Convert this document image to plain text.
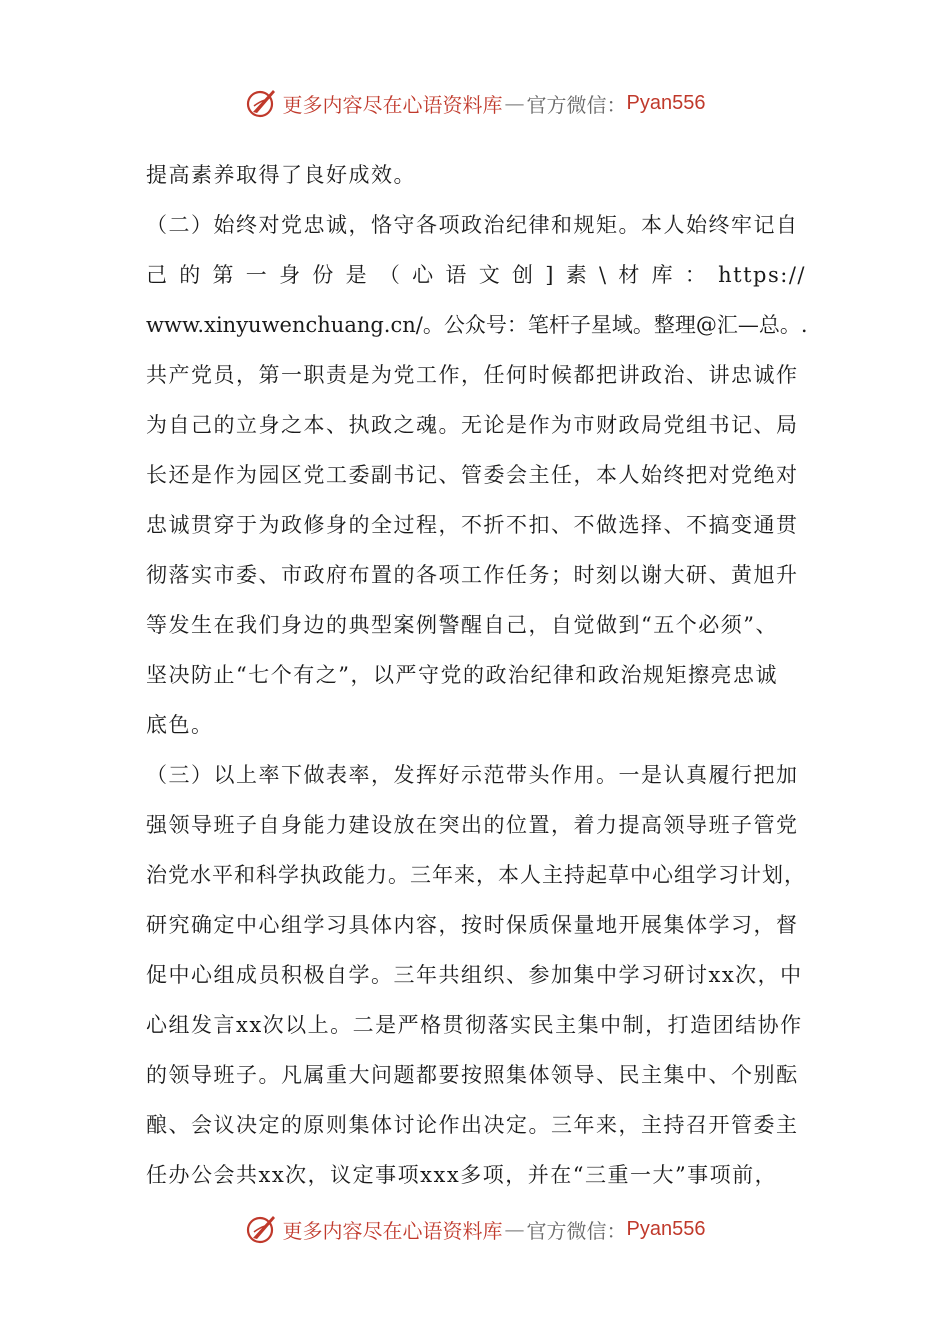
更多内容尽在心语资料库 — 官方微信： Pyan556
提高素养取得了良好成效。
（二）始终对党忠诚，恪守各项政治纪律和规矩。本人始终牢记自
己的第一身份是（心语文创]素\材库：https://
www.xinyuwenchuang.cn/。公众号：笔杆子星域。整理@汇—总。.
共产党员，第一职责是为党工作，任何时候都把讲政治、讲忠诚作
为自己的立身之本、执政之魂。无论是作为市财政局党组书记、局
长还是作为园区党工委副书记、管委会主任，本人始终把对党绝对
忠诚贯穿于为政修身的全过程，不折不扣、不做选择、不搞变通贯
彻落实市委、市政府布置的各项工作任务；时刻以谢大研、黄旭升
等发生在我们身边的典型案例警醒自己，自觉做到“五个必须”、
坚决防止“七个有之”，以严守党的政治纪律和政治规矩擦亮忠诚
底色。
（三）以上率下做表率，发挥好示范带头作用。一是认真履行把加
强领导班子自身能力建设放在突出的位置，着力提高领导班子管党
治党水平和科学执政能力。三年来，本人主持起草中心组学习计划，
研究确定中心组学习具体内容，按时保质保量地开展集体学习，督
促中心组成员积极自学。三年共组织、参加集中学习研讨xx次，中
心组发言xx次以上。二是严格贯彻落实民主集中制，打造团结协作
的领导班子。凡属重大问题都要按照集体领导、民主集中、个别酝
酿、会议决定的原则集体讨论作出决定。三年来，主持召开管委主
任办公会共xx次，议定事项xxx多项，并在“三重一大”事项前，
更多内容尽在心语资料库 — 官方微信： Pyan556
